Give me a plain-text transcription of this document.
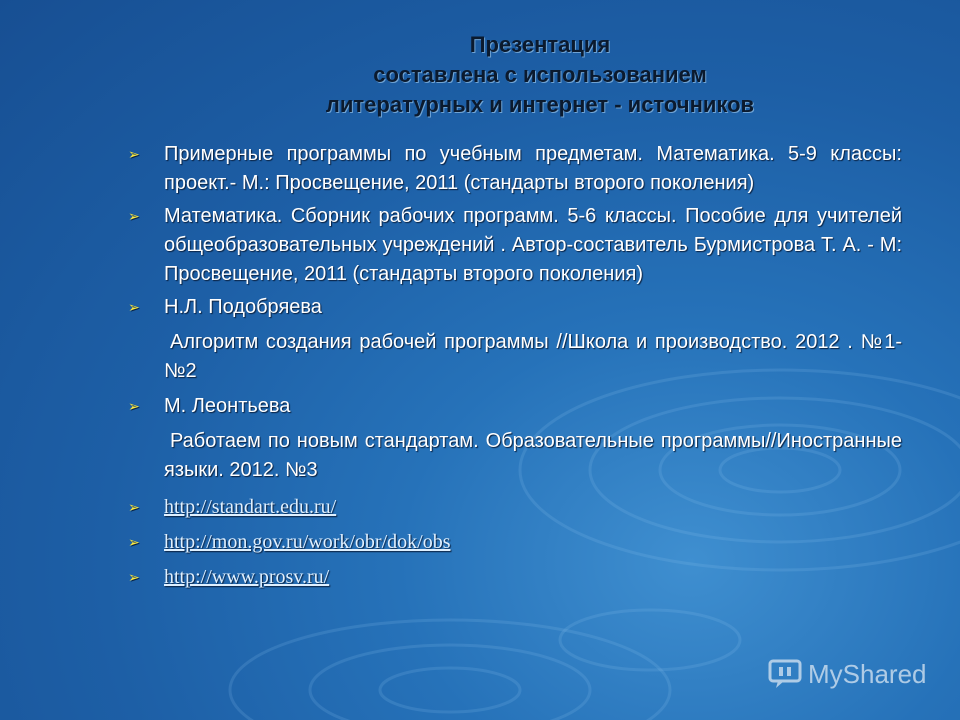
Презентация
составлена с использованием
литературных и интернет - источников
➢	Примерные программы по учебным предметам. Математика. 5-9 классы: проект.- М.: Просвещение, 2011 (стандарты второго поколения)
➢	Математика. Сборник рабочих программ. 5-6 классы. Пособие для учителей общеобразовательных учреждений . Автор-составитель Бурмистрова Т. А. - М: Просвещение, 2011 (стандарты второго поколения)
➢	Н.Л. Подобряева
Алгоритм создания рабочей программы //Школа и производство. 2012 . №1-№2
➢	М. Леонтьева
Работаем по новым стандартам. Образовательные программы//Иностранные языки. 2012. №3
➢	http://standart.edu.ru/
➢	http://mon.gov.ru/work/obr/dok/obs
➢	http://www.prosv.ru/
MyShared
